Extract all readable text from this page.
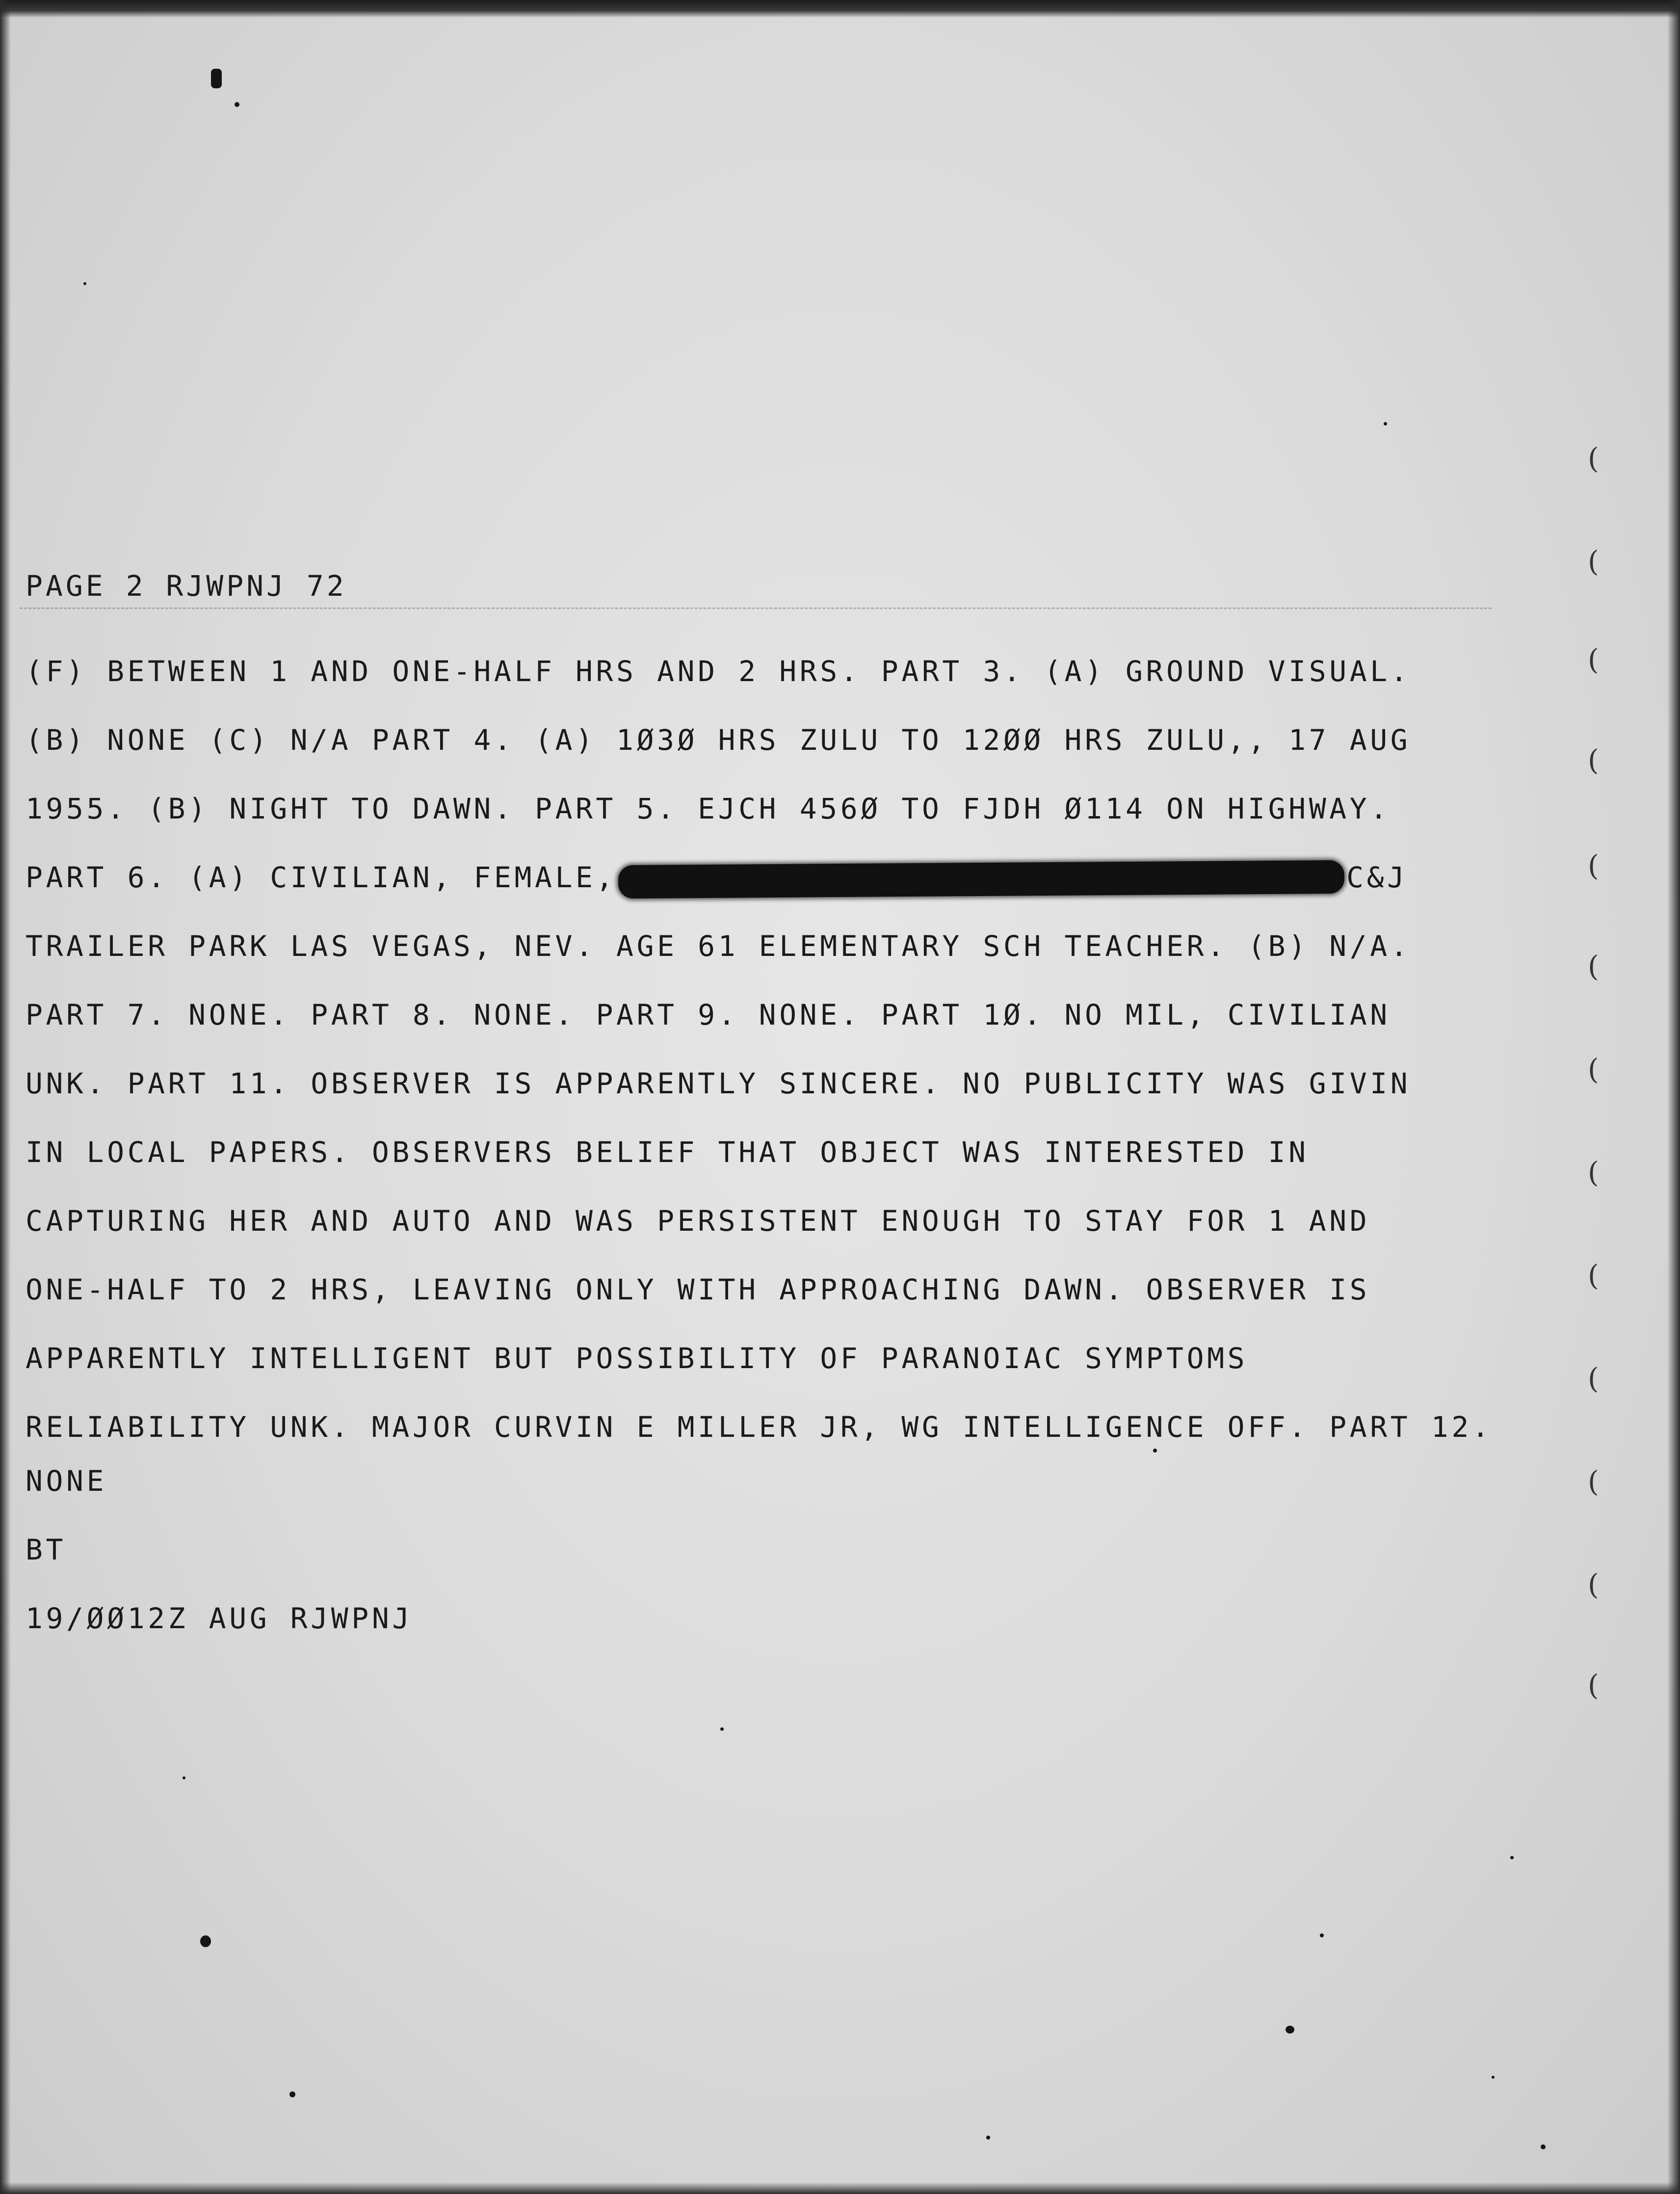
PAGE 2 RJWPNJ 72
(F) BETWEEN 1 AND ONE-HALF HRS AND 2 HRS. PART 3. (A) GROUND VISUAL.
(B) NONE (C) N/A PART 4. (A) 1Ø3Ø HRS ZULU TO 12ØØ HRS ZULU,, 17 AUG
1955. (B) NIGHT TO DAWN. PART 5. EJCH 456Ø TO FJDH Ø114 ON HIGHWAY.
PART 6. (A) CIVILIAN, FEMALE,	C&J
TRAILER PARK LAS VEGAS, NEV. AGE 61 ELEMENTARY SCH TEACHER. (B) N/A.
PART 7. NONE. PART 8. NONE. PART 9. NONE. PART 1Ø. NO MIL, CIVILIAN
UNK. PART 11. OBSERVER IS APPARENTLY SINCERE. NO PUBLICITY WAS GIVIN
IN LOCAL PAPERS. OBSERVERS BELIEF THAT OBJECT WAS INTERESTED IN
CAPTURING HER AND AUTO AND WAS PERSISTENT ENOUGH TO STAY FOR 1 AND
ONE-HALF TO 2 HRS, LEAVING ONLY WITH APPROACHING DAWN. OBSERVER IS
APPARENTLY INTELLIGENT BUT POSSIBILITY OF PARANOIAC SYMPTOMS
RELIABILITY UNK. MAJOR CURVIN E MILLER JR, WG INTELLIGENCE OFF. PART 12.
NONE
BT
19/ØØ12Z AUG RJWPNJ
(
(
(
(
(
(
(
(
(
(
(
(
(
